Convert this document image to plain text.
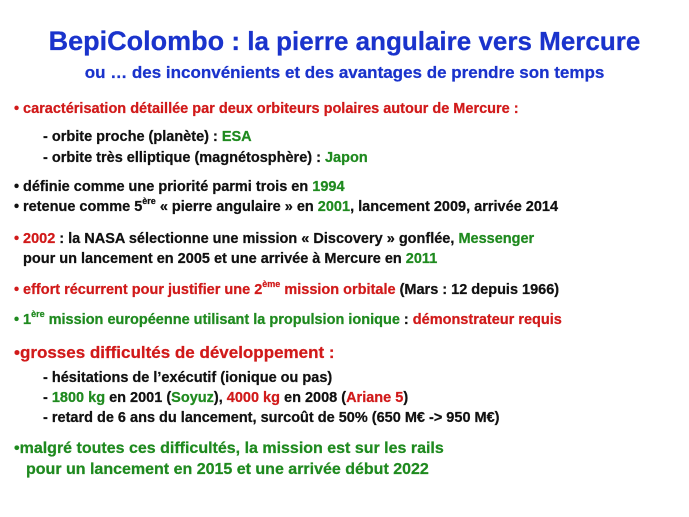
BepiColombo : la pierre angulaire vers Mercure
ou … des inconvénients et des avantages de prendre son temps
• caractérisation détaillée par deux orbiteurs polaires autour de Mercure :
- orbite proche (planète) : ESA
- orbite très elliptique (magnétosphère) : Japon
• définie comme une priorité parmi trois en 1994
• retenue comme 5ère « pierre angulaire » en 2001, lancement 2009, arrivée 2014
• 2002 : la NASA sélectionne une mission « Discovery » gonflée, Messenger
pour un lancement en 2005 et une arrivée à Mercure en 2011
• effort récurrent pour justifier une 2ème mission orbitale (Mars : 12 depuis 1966)
• 1ère mission européenne utilisant la propulsion ionique : démonstrateur requis
•grosses difficultés de développement :
- hésitations de l’exécutif (ionique ou pas)
- 1800 kg en 2001 (Soyuz), 4000 kg en 2008 (Ariane 5)
- retard de 6 ans du lancement, surcoût de 50% (650 M€ -> 950 M€)
•malgré toutes ces difficultés, la mission est sur les rails
pour un lancement en 2015 et une arrivée début 2022
